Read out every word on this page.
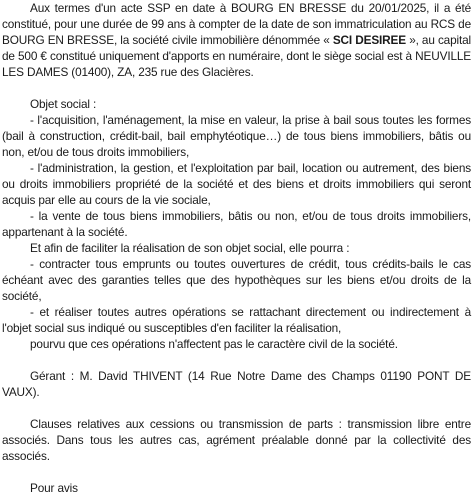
Aux termes d'un acte SSP en date à BOURG EN BRESSE du 20/01/2025, il a été constitué, pour une durée de 99 ans à compter de la date de son immatriculation au RCS de BOURG EN BRESSE, la société civile immobilière dénommée « SCI DESIREE », au capital de 500 € constitué uniquement d'apports en numéraire, dont le siège social est à NEUVILLE LES DAMES (01400), ZA, 235 rue des Glacières.

Objet social :

- l'acquisition, l'aménagement, la mise en valeur, la prise à bail sous toutes les formes (bail à construction, crédit-bail, bail emphytéotique…) de tous biens immobiliers, bâtis ou non, et/ou de tous droits immobiliers,

- l'administration, la gestion, et l'exploitation par bail, location ou autrement, des biens ou droits immobiliers propriété de la société et des biens et droits immobiliers qui seront acquis par elle au cours de la vie sociale,

- la vente de tous biens immobiliers, bâtis ou non, et/ou de tous droits immobiliers, appartenant à la société.

Et afin de faciliter la réalisation de son objet social, elle pourra :

- contracter tous emprunts ou toutes ouvertures de crédit, tous crédits-bails le cas échéant avec des garanties telles que des hypothèques sur les biens et/ou droits de la société,

- et réaliser toutes autres opérations se rattachant directement ou indirectement à l'objet social sus indiqué ou susceptibles d'en faciliter la réalisation,

pourvu que ces opérations n'affectent pas le caractère civil de la société.

Gérant : M. David THIVENT (14 Rue Notre Dame des Champs 01190 PONT DE VAUX).

Clauses relatives aux cessions ou transmission de parts : transmission libre entre associés. Dans tous les autres cas, agrément préalable donné par la collectivité des associés.

Pour avis
